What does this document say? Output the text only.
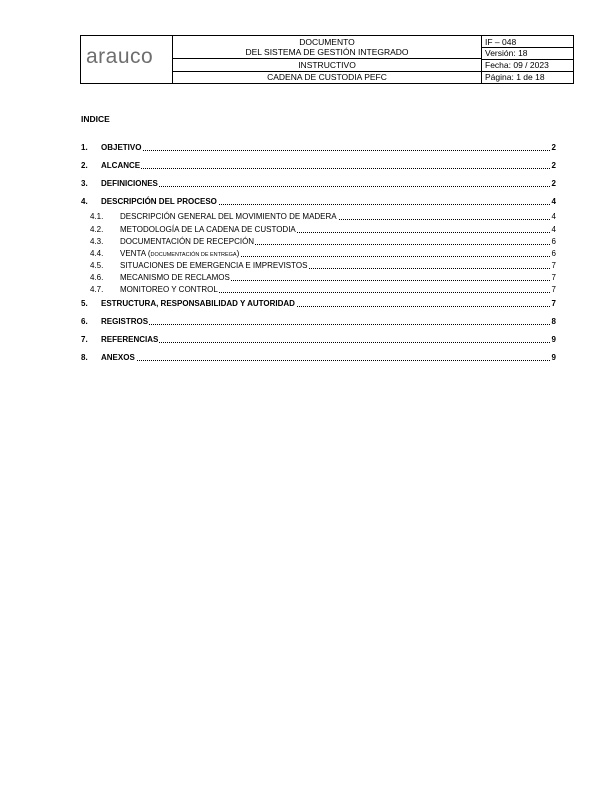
arauco
DOCUMENTO
DEL SISTEMA DE GESTIÓN INTEGRADO
INSTRUCTIVO
CADENA DE CUSTODIA PEFC
IF – 048
Versión: 18
Fecha: 09 / 2023
Página: 1 de 18
INDICE
1. OBJETIVO	2
2. ALCANCE	2
3. DEFINICIONES	2
4. DESCRIPCIÓN DEL PROCESO	4
4.1. DESCRIPCIÓN GENERAL DEL MOVIMIENTO DE MADERA	4
4.2. METODOLOGÍA DE LA CADENA DE CUSTODIA	4
4.3. DOCUMENTACIÓN DE RECEPCIÓN	6
4.4. VENTA (DOCUMENTACIÓN DE ENTREGA)	6
4.5. SITUACIONES DE EMERGENCIA E IMPREVISTOS	7
4.6. MECANISMO DE RECLAMOS	7
4.7. MONITOREO Y CONTROL	7
5. ESTRUCTURA, RESPONSABILIDAD Y AUTORIDAD	7
6. REGISTROS	8
7. REFERENCIAS	9
8. ANEXOS	9
